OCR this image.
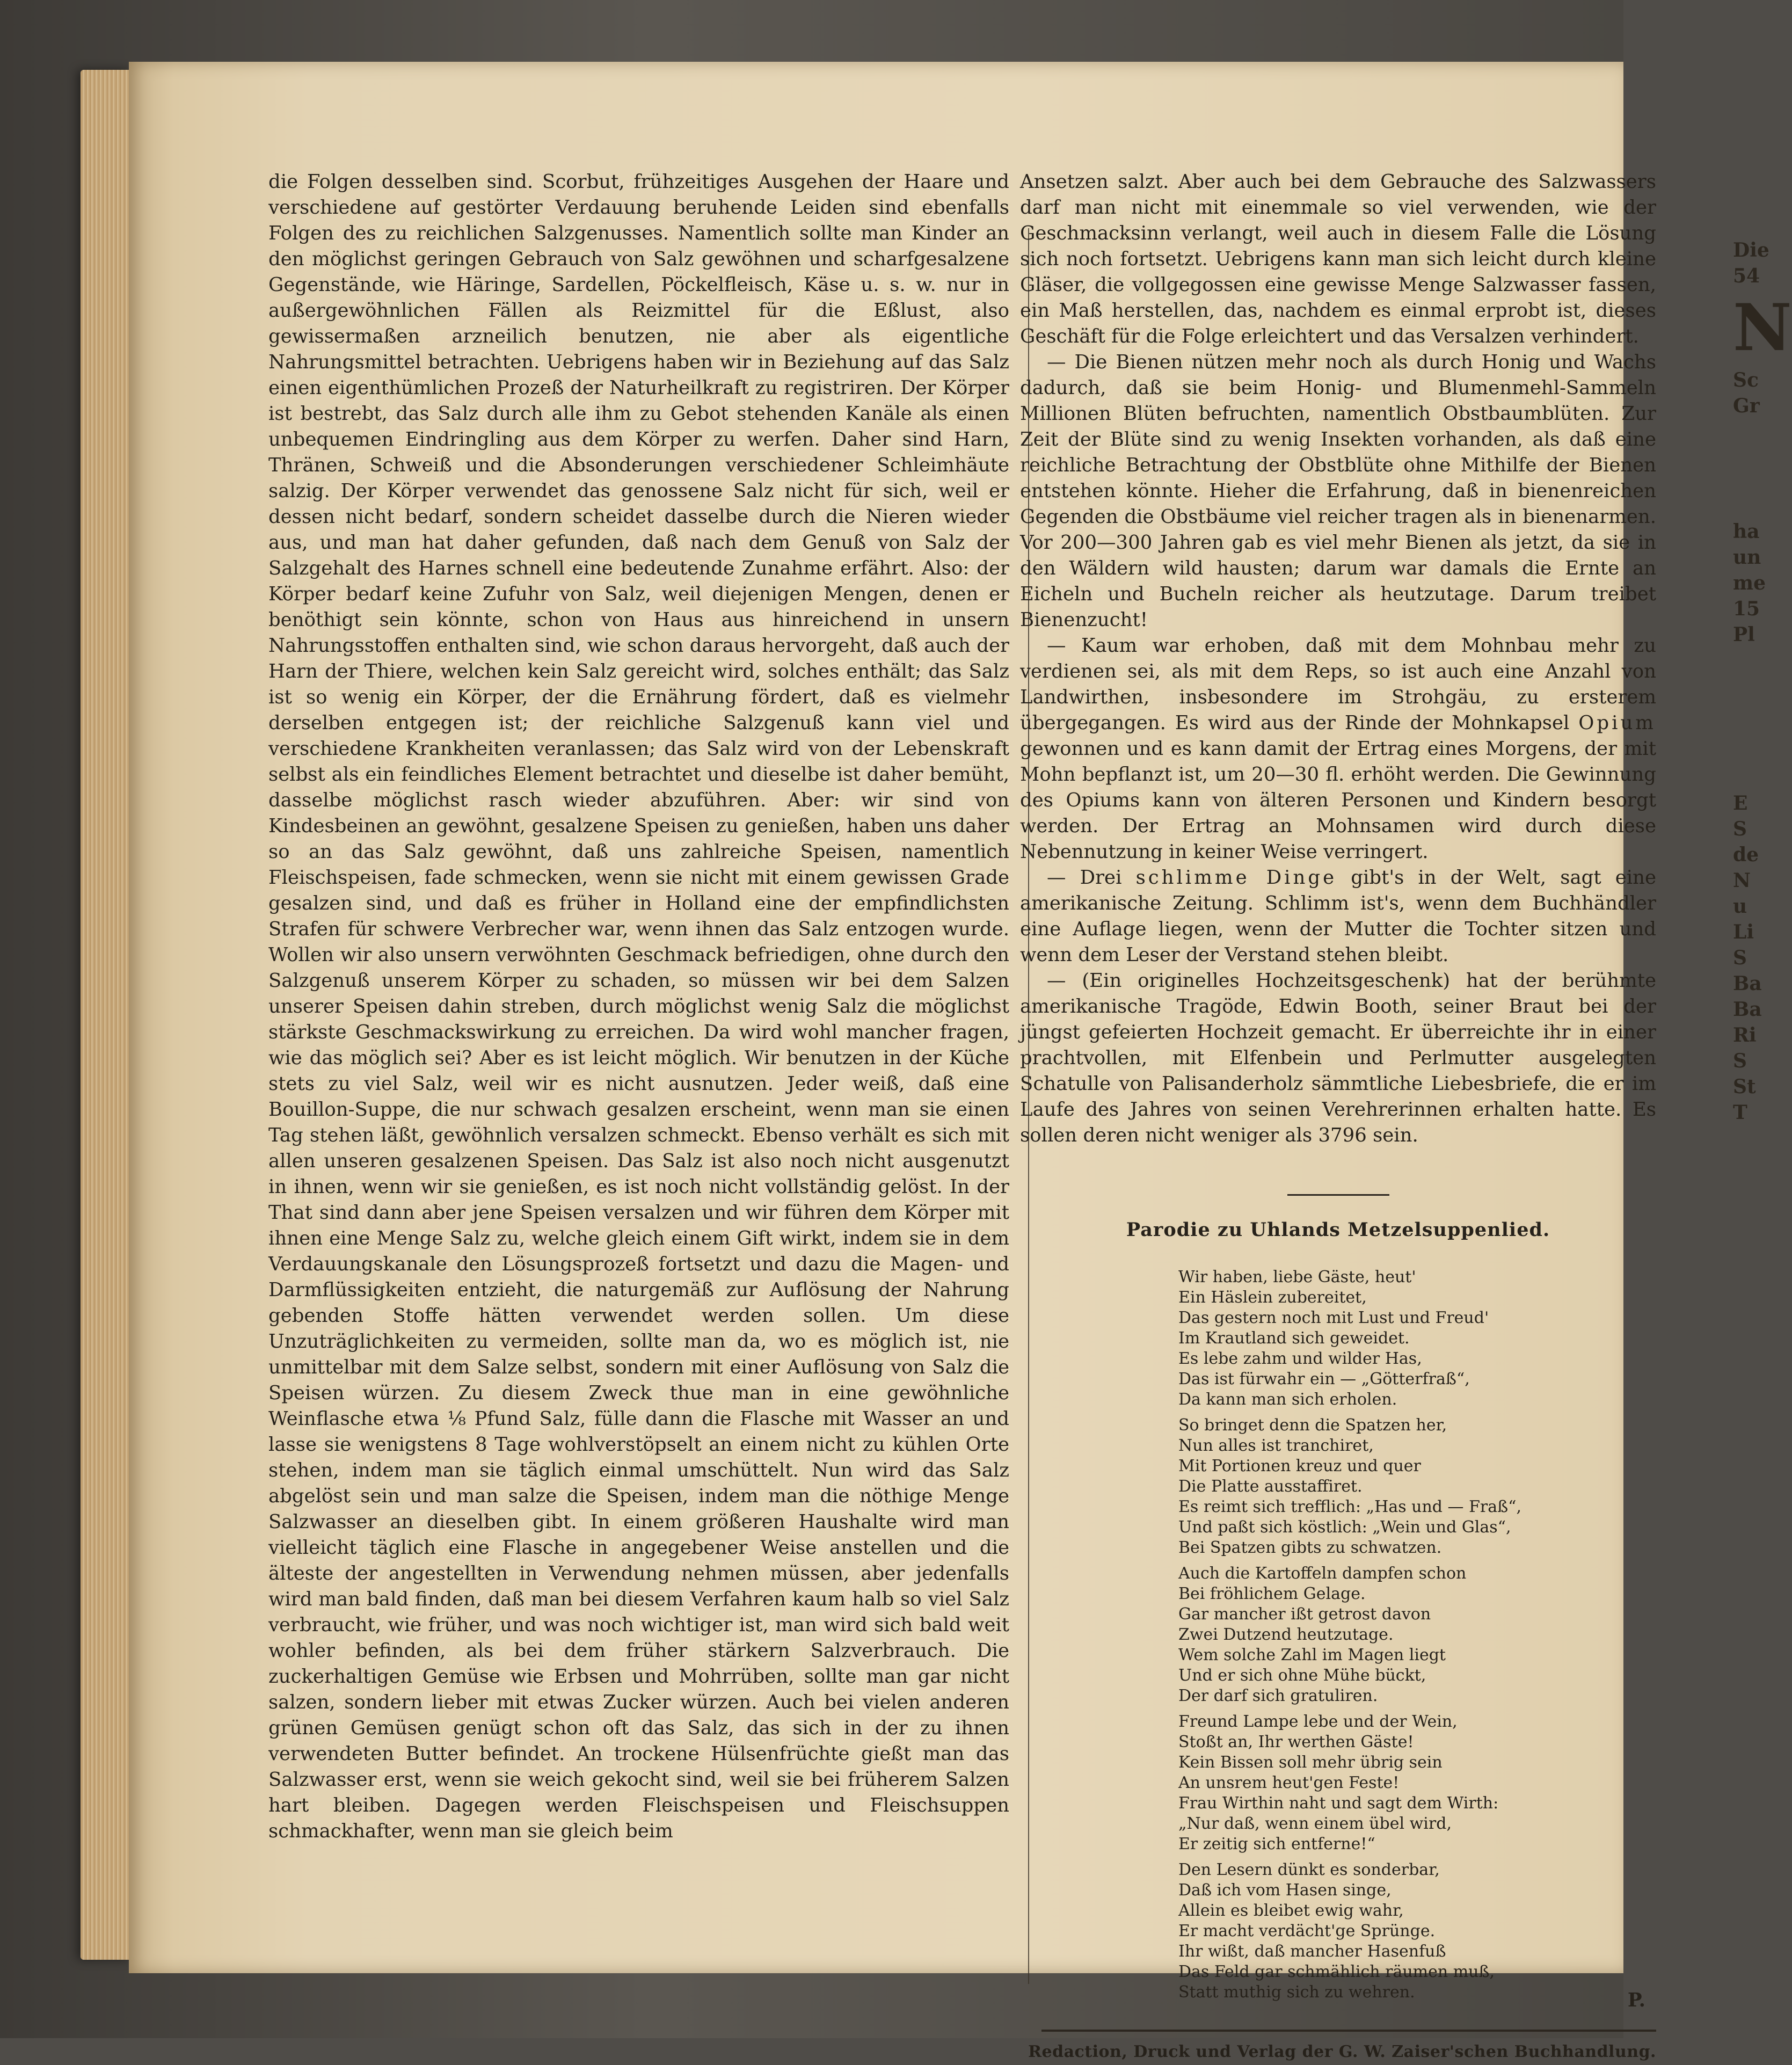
die Folgen desselben sind. Scorbut, frühzeitiges Ausgehen der Haare und verschiedene auf gestörter Verdauung beruhende Leiden sind ebenfalls Folgen des zu reichlichen Salzgenusses. Namentlich sollte man Kinder an den möglichst geringen Gebrauch von Salz gewöhnen und scharfgesalzene Gegenstände, wie Häringe, Sardellen, Pöckelfleisch, Käse u. s. w. nur in außergewöhnlichen Fällen als Reizmittel für die Eßlust, also gewissermaßen arzneilich benutzen, nie aber als eigentliche Nahrungsmittel betrachten. Uebrigens haben wir in Beziehung auf das Salz einen eigenthümlichen Prozeß der Naturheilkraft zu registriren. Der Körper ist bestrebt, das Salz durch alle ihm zu Gebot stehenden Kanäle als einen unbequemen Eindringling aus dem Körper zu werfen. Daher sind Harn, Thränen, Schweiß und die Absonderungen verschiedener Schleimhäute salzig. Der Körper verwendet das genossene Salz nicht für sich, weil er dessen nicht bedarf, sondern scheidet dasselbe durch die Nieren wieder aus, und man hat daher gefunden, daß nach dem Genuß von Salz der Salzgehalt des Harnes schnell eine bedeutende Zunahme erfährt. Also: der Körper bedarf keine Zufuhr von Salz, weil diejenigen Mengen, denen er benöthigt sein könnte, schon von Haus aus hinreichend in unsern Nahrungsstoffen enthalten sind, wie schon daraus hervorgeht, daß auch der Harn der Thiere, welchen kein Salz gereicht wird, solches enthält; das Salz ist so wenig ein Körper, der die Ernährung fördert, daß es vielmehr derselben entgegen ist; der reichliche Salzgenuß kann viel und verschiedene Krankheiten veranlassen; das Salz wird von der Lebenskraft selbst als ein feindliches Element betrachtet und dieselbe ist daher bemüht, dasselbe möglichst rasch wieder abzuführen. Aber: wir sind von Kindesbeinen an gewöhnt, gesalzene Speisen zu genießen, haben uns daher so an das Salz gewöhnt, daß uns zahlreiche Speisen, namentlich Fleischspeisen, fade schmecken, wenn sie nicht mit einem gewissen Grade gesalzen sind, und daß es früher in Holland eine der empfindlichsten Strafen für schwere Verbrecher war, wenn ihnen das Salz entzogen wurde. Wollen wir also unsern verwöhnten Geschmack befriedigen, ohne durch den Salzgenuß unserem Körper zu schaden, so müssen wir bei dem Salzen unserer Speisen dahin streben, durch möglichst wenig Salz die möglichst stärkste Geschmackswirkung zu erreichen. Da wird wohl mancher fragen, wie das möglich sei? Aber es ist leicht möglich. Wir benutzen in der Küche stets zu viel Salz, weil wir es nicht ausnutzen. Jeder weiß, daß eine Bouillon-Suppe, die nur schwach gesalzen erscheint, wenn man sie einen Tag stehen läßt, gewöhnlich versalzen schmeckt. Ebenso verhält es sich mit allen unseren gesalzenen Speisen. Das Salz ist also noch nicht ausgenutzt in ihnen, wenn wir sie genießen, es ist noch nicht vollständig gelöst. In der That sind dann aber jene Speisen versalzen und wir führen dem Körper mit ihnen eine Menge Salz zu, welche gleich einem Gift wirkt, indem sie in dem Verdauungskanale den Lösungsprozeß fortsetzt und dazu die Magen- und Darmflüssigkeiten entzieht, die naturgemäß zur Auflösung der Nahrung gebenden Stoffe hätten verwendet werden sollen. Um diese Unzuträglichkeiten zu vermeiden, sollte man da, wo es möglich ist, nie unmittelbar mit dem Salze selbst, sondern mit einer Auflösung von Salz die Speisen würzen. Zu diesem Zweck thue man in eine gewöhnliche Weinflasche etwa ⅛ Pfund Salz, fülle dann die Flasche mit Wasser an und lasse sie wenigstens 8 Tage wohlverstöpselt an einem nicht zu kühlen Orte stehen, indem man sie täglich einmal umschüttelt. Nun wird das Salz abgelöst sein und man salze die Speisen, indem man die nöthige Menge Salzwasser an dieselben gibt. In einem größeren Haushalte wird man vielleicht täglich eine Flasche in angegebener Weise anstellen und die älteste der angestellten in Verwendung nehmen müssen, aber jedenfalls wird man bald finden, daß man bei diesem Verfahren kaum halb so viel Salz verbraucht, wie früher, und was noch wichtiger ist, man wird sich bald weit wohler befinden, als bei dem früher stärkern Salzverbrauch. Die zuckerhaltigen Gemüse wie Erbsen und Mohrrüben, sollte man gar nicht salzen, sondern lieber mit etwas Zucker würzen. Auch bei vielen anderen grünen Gemüsen genügt schon oft das Salz, das sich in der zu ihnen verwendeten Butter befindet. An trockene Hülsenfrüchte gießt man das Salzwasser erst, wenn sie weich gekocht sind, weil sie bei früherem Salzen hart bleiben. Dagegen werden Fleischspeisen und Fleischsuppen schmackhafter, wenn man sie gleich beim

Ansetzen salzt. Aber auch bei dem Gebrauche des Salzwassers darf man nicht mit einemmale so viel verwenden, wie der Geschmacksinn verlangt, weil auch in diesem Falle die Lösung sich noch fortsetzt. Uebrigens kann man sich leicht durch kleine Gläser, die vollgegossen eine gewisse Menge Salzwasser fassen, ein Maß herstellen, das, nachdem es einmal erprobt ist, dieses Geschäft für die Folge erleichtert und das Versalzen verhindert.

— Die Bienen nützen mehr noch als durch Honig und Wachs dadurch, daß sie beim Honig- und Blumenmehl-Sammeln Millionen Blüten befruchten, namentlich Obstbaumblüten. Zur Zeit der Blüte sind zu wenig Insekten vorhanden, als daß eine reichliche Betrachtung der Obstblüte ohne Mithilfe der Bienen entstehen könnte. Hieher die Erfahrung, daß in bienenreichen Gegenden die Obstbäume viel reicher tragen als in bienenarmen. Vor 200—300 Jahren gab es viel mehr Bienen als jetzt, da sie in den Wäldern wild hausten; darum war damals die Ernte an Eicheln und Bucheln reicher als heutzutage. Darum treibet Bienenzucht!

— Kaum war erhoben, daß mit dem Mohnbau mehr zu verdienen sei, als mit dem Reps, so ist auch eine Anzahl von Landwirthen, insbesondere im Strohgäu, zu ersterem übergegangen. Es wird aus der Rinde der Mohnkapsel Opium gewonnen und es kann damit der Ertrag eines Morgens, der mit Mohn bepflanzt ist, um 20—30 fl. erhöht werden. Die Gewinnung des Opiums kann von älteren Personen und Kindern besorgt werden. Der Ertrag an Mohnsamen wird durch diese Nebennutzung in keiner Weise verringert.

— Drei schlimme Dinge gibt's in der Welt, sagt eine amerikanische Zeitung. Schlimm ist's, wenn dem Buchhändler eine Auflage liegen, wenn der Mutter die Tochter sitzen und wenn dem Leser der Verstand stehen bleibt.

— (Ein originelles Hochzeitsgeschenk) hat der berühmte amerikanische Tragöde, Edwin Booth, seiner Braut bei der jüngst gefeierten Hochzeit gemacht. Er überreichte ihr in einer prachtvollen, mit Elfenbein und Perlmutter ausgelegten Schatulle von Palisanderholz sämmtliche Liebesbriefe, die er im Laufe des Jahres von seinen Verehrerinnen erhalten hatte. Es sollen deren nicht weniger als 3796 sein.

Parodie zu Uhlands Metzelsuppenlied.
Wir haben, liebe Gäste, heut'
Ein Häslein zubereitet,
Das gestern noch mit Lust und Freud'
Im Krautland sich geweidet.
Es lebe zahm und wilder Has,
Das ist fürwahr ein — „Götterfraß“,
Da kann man sich erholen.
So bringet denn die Spatzen her,
Nun alles ist tranchiret,
Mit Portionen kreuz und quer
Die Platte ausstaffiret.
Es reimt sich trefflich: „Has und — Fraß“,
Und paßt sich köstlich: „Wein und Glas“,
Bei Spatzen gibts zu schwatzen.
Auch die Kartoffeln dampfen schon
Bei fröhlichem Gelage.
Gar mancher ißt getrost davon
Zwei Dutzend heutzutage.
Wem solche Zahl im Magen liegt
Und er sich ohne Mühe bückt,
Der darf sich gratuliren.
Freund Lampe lebe und der Wein,
Stoßt an, Ihr werthen Gäste!
Kein Bissen soll mehr übrig sein
An unsrem heut'gen Feste!
Frau Wirthin naht und sagt dem Wirth:
„Nur daß, wenn einem übel wird,
Er zeitig sich entferne!“
Den Lesern dünkt es sonderbar,
Daß ich vom Hasen singe,
Allein es bleibet ewig wahr,
Er macht verdächt'ge Sprünge.
Ihr wißt, daß mancher Hasenfuß
Das Feld gar schmählich räumen muß,
Statt muthig sich zu wehren.	P.
Redaction, Druck und Verlag der G. W. Zaiser'schen Buchhandlung.
Die
54
N
Sc
Gr
ha
un
me
15
Pl
E
S
de
N
u
Li
S
Ba
Ba
Ri
S
St
T
